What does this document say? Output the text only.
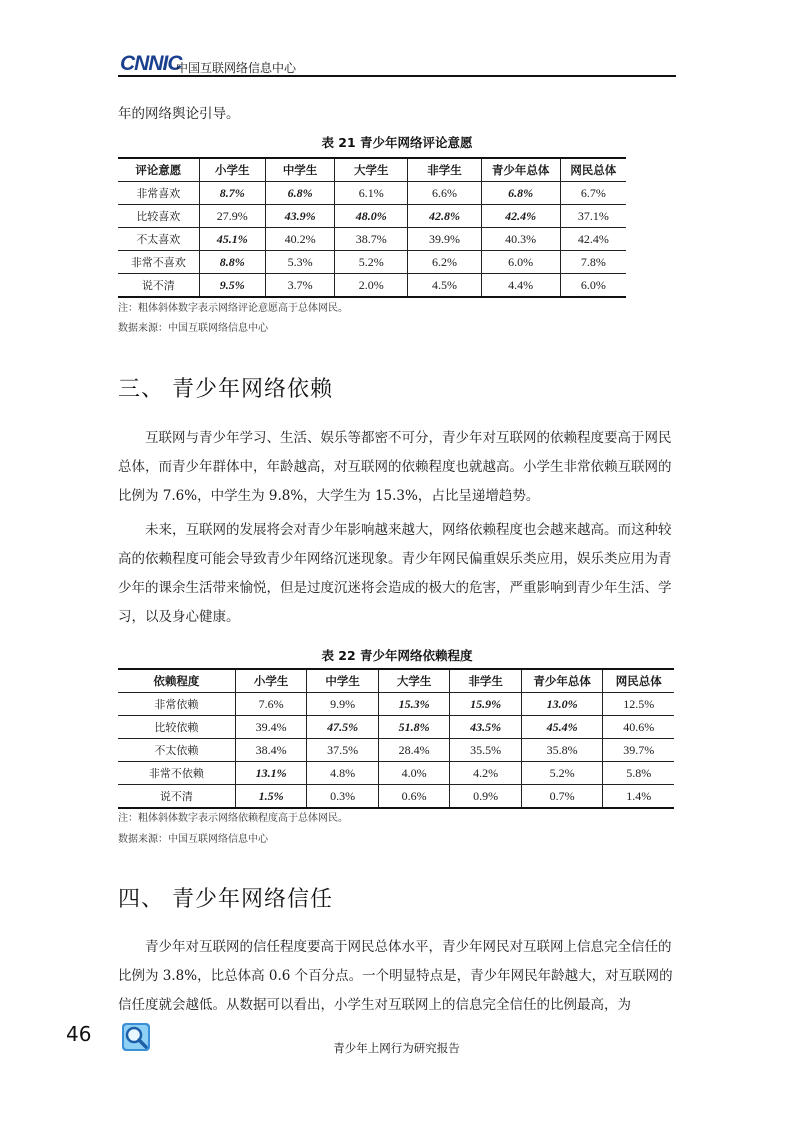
CNNIC
中国互联网络信息中心
年的网络舆论引导。
表 21 青少年网络评论意愿
评论意愿	小学生	中学生	大学生	非学生	青少年总体	网民总体
非常喜欢	8.7%	6.8%	6.1%	6.6%	6.8%	6.7%
比较喜欢	27.9%	43.9%	48.0%	42.8%	42.4%	37.1%
不太喜欢	45.1%	40.2%	38.7%	39.9%	40.3%	42.4%
非常不喜欢	8.8%	5.3%	5.2%	6.2%	6.0%	7.8%
说不清	9.5%	3.7%	2.0%	4.5%	4.4%	6.0%
注：粗体斜体数字表示网络评论意愿高于总体网民。
数据来源：中国互联网络信息中心
三、 青少年网络依赖
互联网与青少年学习、生活、娱乐等都密不可分，青少年对互联网的依赖程度要高于网民总体，而青少年群体中，年龄越高，对互联网的依赖程度也就越高。小学生非常依赖互联网的比例为 7.6%，中学生为 9.8%，大学生为 15.3%，占比呈递增趋势。
未来，互联网的发展将会对青少年影响越来越大，网络依赖程度也会越来越高。而这种较高的依赖程度可能会导致青少年网络沉迷现象。青少年网民偏重娱乐类应用，娱乐类应用为青少年的课余生活带来愉悦，但是过度沉迷将会造成的极大的危害，严重影响到青少年生活、学习，以及身心健康。
表 22 青少年网络依赖程度
依赖程度	小学生	中学生	大学生	非学生	青少年总体	网民总体
非常依赖	7.6%	9.9%	15.3%	15.9%	13.0%	12.5%
比较依赖	39.4%	47.5%	51.8%	43.5%	45.4%	40.6%
不太依赖	38.4%	37.5%	28.4%	35.5%	35.8%	39.7%
非常不依赖	13.1%	4.8%	4.0%	4.2%	5.2%	5.8%
说不清	1.5%	0.3%	0.6%	0.9%	0.7%	1.4%
注：粗体斜体数字表示网络依赖程度高于总体网民。
数据来源：中国互联网络信息中心
四、 青少年网络信任
青少年对互联网的信任程度要高于网民总体水平，青少年网民对互联网上信息完全信任的比例为 3.8%，比总体高 0.6 个百分点。一个明显特点是，青少年网民年龄越大，对互联网的信任度就会越低。从数据可以看出，小学生对互联网上的信息完全信任的比例最高，为
46
青少年上网行为研究报告
